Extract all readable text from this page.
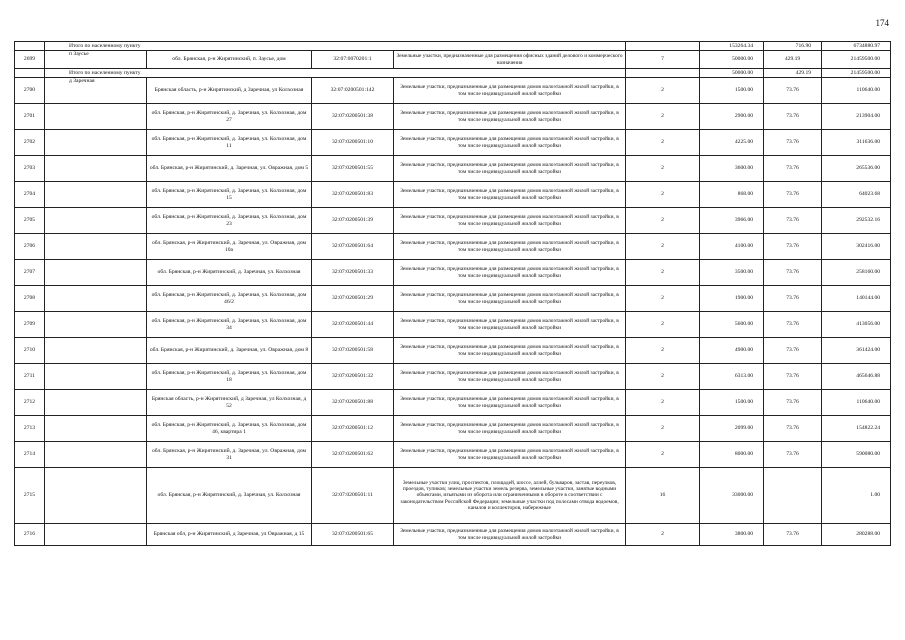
174
	Итого по населенному пункту					153264.34	716.90	6734880.97
2699	п Заусье	обл. Брянская, р-н Жирятинский, п. Заусье, дом	32:07:0070201:1	Земельные участки, предназначенные для размещения офисных зданий делового и коммерческого назначения	7	50000.00	429.19	21459500.00
	Итого по населенному пункту					50000.00	429.19	21459500.00
2700	д Заречная	Брянская область, р-н Жирятинский, д Заречная, ул Колхозная	32:07:0200501:142	Земельные участки, предназначенные для размещения домов малоэтажной жилой застройки, в том числе индивидуальной жилой застройки	2	1500.00	73.76	110640.00
2701		обл. Брянская, р-н Жирятинский, д. Заречная, ул. Колхозная, дом 27	32:07:0200501:38	Земельные участки, предназначенные для размещения домов малоэтажной жилой застройки, в том числе индивидуальной жилой застройки	2	2900.00	73.76	213904.00
2702		обл. Брянская, р-н Жирятинский, д. Заречная, ул. Колхозная, дом 11	32:07:0200501:10	Земельные участки, предназначенные для размещения домов малоэтажной жилой застройки, в том числе индивидуальной жилой застройки	2	4225.00	73.76	311636.00
2703		обл. Брянская, р-н Жирятинский, д. Заречная, ул. Овражная, дом 5	32:07:0200501:55	Земельные участки, предназначенные для размещения домов малоэтажной жилой застройки, в том числе индивидуальной жилой застройки	2	3600.00	73.76	265536.00
2704		обл. Брянская, р-н Жирятинский, д. Заречная, ул. Колхозная, дом 15	32:07:0200501:83	Земельные участки, предназначенные для размещения домов малоэтажной жилой застройки, в том числе индивидуальной жилой застройки	2	868.00	73.76	64023.68
2705		обл. Брянская, р-н Жирятинский, д. Заречная, ул. Колхозная, дом 23	32:07:0200501:39	Земельные участки, предназначенные для размещения домов малоэтажной жилой застройки, в том числе индивидуальной жилой застройки	2	3966.00	73.76	292532.16
2706		обл. Брянская, р-н Жирятинский, д. Заречная, ул. Овражная, дом 10а	32:07:0200501:64	Земельные участки, предназначенные для размещения домов малоэтажной жилой застройки, в том числе индивидуальной жилой застройки	2	4100.00	73.76	302416.00
2707		обл. Брянская, р-н Жирятинский, д. Заречная, ул. Колхозная	32:07:0200501:33	Земельные участки, предназначенные для размещения домов малоэтажной жилой застройки, в том числе индивидуальной жилой застройки	2	3500.00	73.76	258160.00
2708		обл. Брянская, р-н Жирятинский, д. Заречная, ул. Колхозная, дом 46/2	32:07:0200501:29	Земельные участки, предназначенные для размещения домов малоэтажной жилой застройки, в том числе индивидуальной жилой застройки	2	1900.00	73.76	140144.00
2709		обл. Брянская, р-н Жирятинский, д. Заречная, ул. Колхозная, дом 34	32:07:0200501:44	Земельные участки, предназначенные для размещения домов малоэтажной жилой застройки, в том числе индивидуальной жилой застройки	2	5600.00	73.76	413056.00
2710		обл. Брянская, р-н Жирятинский, д. Заречная, ул. Овражная, дом 8	32:07:0200501:58	Земельные участки, предназначенные для размещения домов малоэтажной жилой застройки, в том числе индивидуальной жилой застройки	2	4900.00	73.76	361424.00
2711		обл. Брянская, р-н Жирятинский, д. Заречная, ул. Колхозная, дом 18	32:07:0200501:32	Земельные участки, предназначенные для размещения домов малоэтажной жилой застройки, в том числе индивидуальной жилой застройки	2	6313.00	73.76	465646.88
2712		Брянская область, р-н Жирятинский, д Заречная, ул Колхозная, д 52	32:07:0200501:88	Земельные участки, предназначенные для размещения домов малоэтажной жилой застройки, в том числе индивидуальной жилой застройки	2	1500.00	73.76	110640.00
2713		обл. Брянская, р-н Жирятинский, д. Заречная, ул. Колхозная, дом 46, квартира 1	32:07:0200501:12	Земельные участки, предназначенные для размещения домов малоэтажной жилой застройки, в том числе индивидуальной жилой застройки	2	2099.00	73.76	154822.24
2714		обл. Брянская, р-н Жирятинский, д. Заречная, ул. Овражная, дом 31	32:07:0200501:62	Земельные участки, предназначенные для размещения домов малоэтажной жилой застройки, в том числе индивидуальной жилой застройки	2	8000.00	73.76	590080.00
2715		обл. Брянская, р-н Жирятинский, д. Заречная, ул. Колхозная	32:07:0200501:11	Земельные участки улиц, проспектов, площадей, шоссе, аллей, бульваров, застав, переулков, проездов, тупиков; земельные участки земель резерва, земельные участки, занятые водными объектами, изъятыми из оборота или ограниченными в обороте в соответствии с законодательством Российской Федерации; земельные участки под полосами отвода водоемов, каналов и коллекторов, набережные	16	33000.00		1.00
2716		Брянская обл, р-н Жирятинский, д Заречная, ул Овражная, д 15	32:07:0200501:65	Земельные участки, предназначенные для размещения домов малоэтажной жилой застройки, в том числе индивидуальной жилой застройки	2	3800.00	73.76	280288.00
